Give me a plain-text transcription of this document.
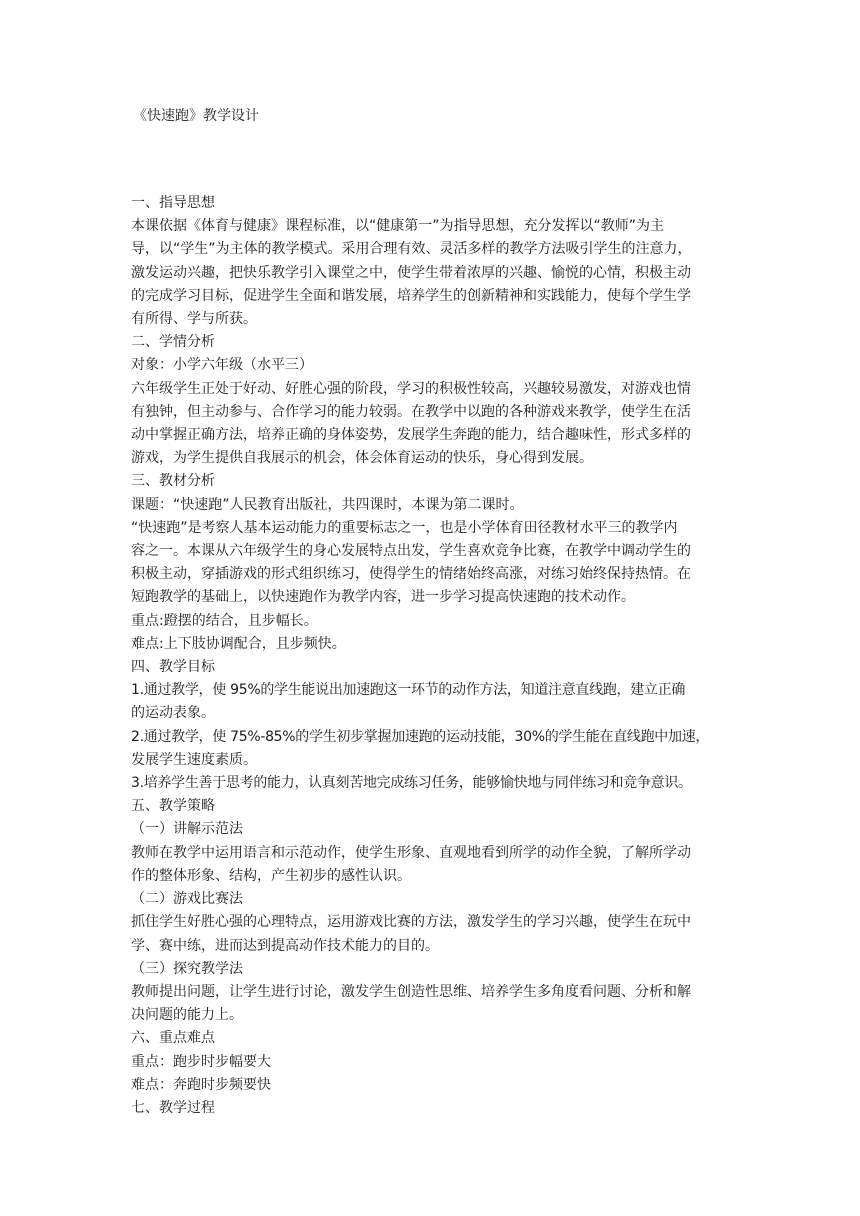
《快速跑》教学设计

一、指导思想

本课依据《体育与健康》课程标准，以“健康第一”为指导思想，充分发挥以“教师”为主

导，以“学生”为主体的教学模式。采用合理有效、灵活多样的教学方法吸引学生的注意力，

激发运动兴趣，把快乐教学引入课堂之中，使学生带着浓厚的兴趣、愉悦的心情，积极主动

的完成学习目标，促进学生全面和谐发展，培养学生的创新精神和实践能力，使每个学生学

有所得、学与所获。

二、学情分析

对象：小学六年级（水平三）

六年级学生正处于好动、好胜心强的阶段，学习的积极性较高，兴趣较易激发，对游戏也情

有独钟，但主动参与、合作学习的能力较弱。在教学中以跑的各种游戏来教学，使学生在活

动中掌握正确方法，培养正确的身体姿势，发展学生奔跑的能力，结合趣味性，形式多样的

游戏，为学生提供自我展示的机会，体会体育运动的快乐，身心得到发展。

三、教材分析

课题：“快速跑”人民教育出版社，共四课时，本课为第二课时。

“快速跑”是考察人基本运动能力的重要标志之一，也是小学体育田径教材水平三的教学内

容之一。本课从六年级学生的身心发展特点出发，学生喜欢竞争比赛，在教学中调动学生的

积极主动，穿插游戏的形式组织练习，使得学生的情绪始终高涨，对练习始终保持热情。在

短跑教学的基础上，以快速跑作为教学内容，进一步学习提高快速跑的技术动作。

重点:蹬摆的结合，且步幅长。

难点:上下肢协调配合，且步频快。

四、教学目标

1.通过教学，使 95%的学生能说出加速跑这一环节的动作方法，知道注意直线跑，建立正确

的运动表象。

2.通过教学，使 75%-85%的学生初步掌握加速跑的运动技能，30%的学生能在直线跑中加速，

发展学生速度素质。

3.培养学生善于思考的能力，认真刻苦地完成练习任务，能够愉快地与同伴练习和竞争意识。

五、教学策略

（一）讲解示范法

教师在教学中运用语言和示范动作，使学生形象、直观地看到所学的动作全貌，了解所学动

作的整体形象、结构，产生初步的感性认识。

（二）游戏比赛法

抓住学生好胜心强的心理特点，运用游戏比赛的方法，激发学生的学习兴趣，使学生在玩中

学、赛中练，进而达到提高动作技术能力的目的。

（三）探究教学法

教师提出问题，让学生进行讨论，激发学生创造性思维、培养学生多角度看问题、分析和解

决问题的能力上。

六、重点难点

重点：跑步时步幅要大

难点：奔跑时步频要快

七、教学过程
